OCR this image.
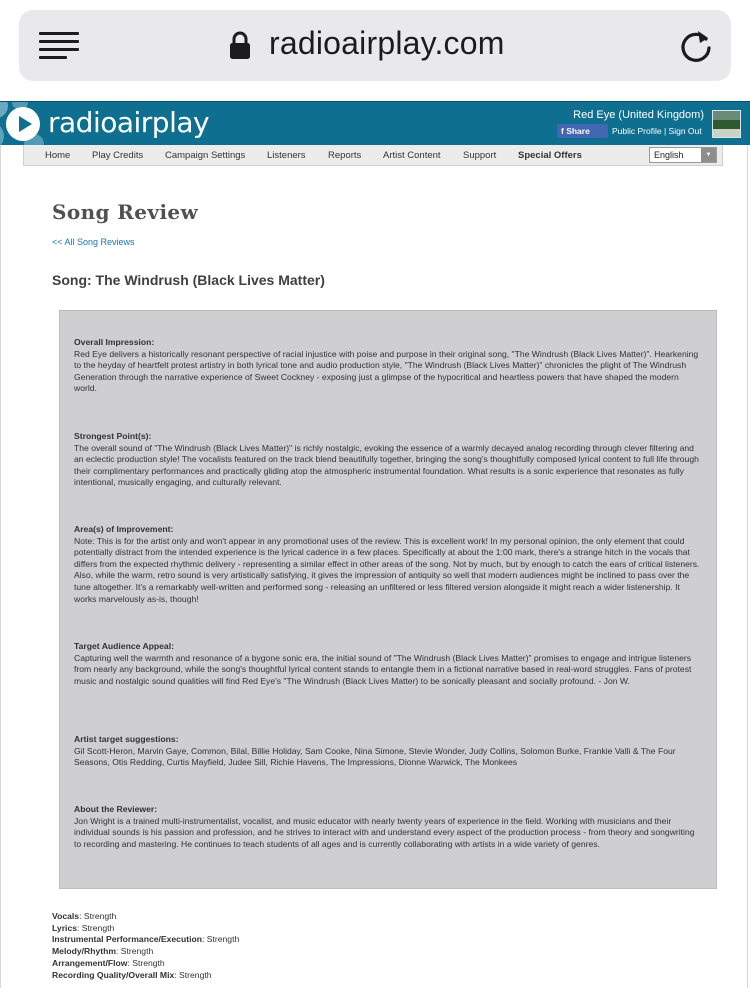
radioairplay.com
radioairplay	Red Eye (United Kingdom)
f Share	Public Profile | Sign Out
Home Play Credits Campaign Settings Listeners Reports Artist Content Support Special Offers	English	▼
Song Review
<< All Song Reviews
Song: The Windrush (Black Lives Matter)
Overall Impression:
Red Eye delivers a historically resonant perspective of racial injustice with poise and purpose in their original song, "The Windrush (Black Lives Matter)". Hearkening to the heyday of heartfelt protest artistry in both lyrical tone and audio production style, "The Windrush (Black Lives Matter)" chronicles the plight of The Windrush Generation through the narrative experience of Sweet Cockney - exposing just a glimpse of the hypocritical and heartless powers that have shaped the modern world.
Strongest Point(s):
The overall sound of "The Windrush (Black Lives Matter)" is richly nostalgic, evoking the essence of a warmly decayed analog recording through clever filtering and an eclectic production style! The vocalists featured on the track blend beautifully together, bringing the song's thoughtfully composed lyrical content to full life through their complimentary performances and practically gliding atop the atmospheric instrumental foundation. What results is a sonic experience that resonates as fully intentional, musically engaging, and culturally relevant.
Area(s) of Improvement:
Note: This is for the artist only and won't appear in any promotional uses of the review. This is excellent work! In my personal opinion, the only element that could potentially distract from the intended experience is the lyrical cadence in a few places. Specifically at about the 1:00 mark, there's a strange hitch in the vocals that differs from the expected rhythmic delivery - representing a similar effect in other areas of the song. Not by much, but by enough to catch the ears of critical listeners. Also, while the warm, retro sound is very artistically satisfying, it gives the impression of antiquity so well that modern audiences might be inclined to pass over the tune altogether. It's a remarkably well-written and performed song - releasing an unfiltered or less filtered version alongside it might reach a wider listenership. It works marvelously as-is, though!
Target Audience Appeal:
Capturing well the warmth and resonance of a bygone sonic era, the initial sound of "The Windrush (Black Lives Matter)" promises to engage and intrigue listeners from nearly any background, while the song's thoughtful lyrical content stands to entangle them in a fictional narrative based in real-word struggles. Fans of protest music and nostalgic sound qualities will find Red Eye's "The Windrush (Black Lives Matter) to be sonically pleasant and socially profound. - Jon W.
Artist target suggestions:
Gil Scott-Heron, Marvin Gaye, Common, Bilal, Billie Holiday, Sam Cooke, Nina Simone, Stevie Wonder, Judy Collins, Solomon Burke, Frankie Valli & The Four Seasons, Otis Redding, Curtis Mayfield, Judee Sill, Richie Havens, The Impressions, Dionne Warwick, The Monkees
About the Reviewer:
Jon Wright is a trained multi-instrumentalist, vocalist, and music educator with nearly twenty years of experience in the field. Working with musicians and their individual sounds is his passion and profession, and he strives to interact with and understand every aspect of the production process - from theory and songwriting to recording and mastering. He continues to teach students of all ages and is currently collaborating with artists in a wide variety of genres.
Vocals: Strength
Lyrics: Strength
Instrumental Performance/Execution: Strength
Melody/Rhythm: Strength
Arrangement/Flow: Strength
Recording Quality/Overall Mix: Strength
